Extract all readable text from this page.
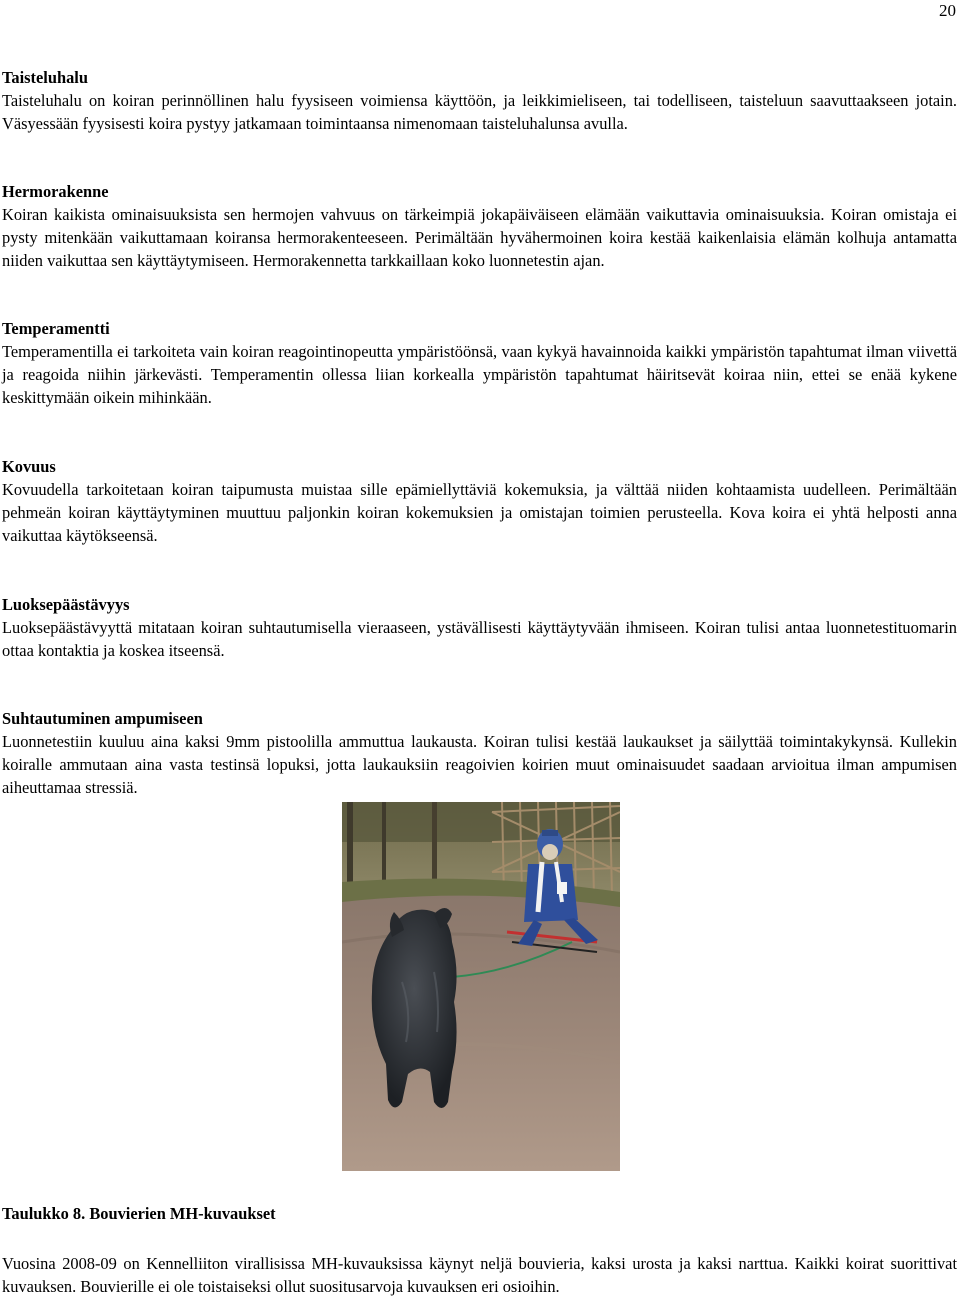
20
Taisteluhalu

Taisteluhalu on koiran perinnöllinen halu fyysiseen voimiensa käyttöön, ja leikkimieliseen, tai todelliseen, taisteluun saavuttaakseen jotain. Väsyessään fyysisesti koira pystyy jatkamaan toimintaansa nimenomaan taisteluhalunsa avulla.

Hermorakenne

Koiran kaikista ominaisuuksista sen hermojen vahvuus on tärkeimpiä jokapäiväiseen elämään vaikuttavia ominaisuuksia. Koiran omistaja ei pysty mitenkään vaikuttamaan koiransa hermorakenteeseen. Perimältään hyvähermoinen koira kestää kaikenlaisia elämän kolhuja antamatta niiden vaikuttaa sen käyttäytymiseen. Hermorakennetta tarkkaillaan koko luonnetestin ajan.

Temperamentti

Temperamentilla ei tarkoiteta vain koiran reagointinopeutta ympäristöönsä, vaan kykyä havainnoida kaikki ympäristön tapahtumat ilman viivettä ja reagoida niihin järkevästi. Temperamentin ollessa liian korkealla ympäristön tapahtumat häiritsevät koiraa niin, ettei se enää kykene keskittymään oikein mihinkään.

Kovuus

Kovuudella tarkoitetaan koiran taipumusta muistaa sille epämiellyttäviä kokemuksia, ja välttää niiden kohtaamista uudelleen. Perimältään pehmeän koiran käyttäytyminen muuttuu paljonkin koiran kokemuksien ja omistajan toimien perusteella. Kova koira ei yhtä helposti anna vaikuttaa käytökseensä.

Luoksepäästävyys

Luoksepäästävyyttä mitataan koiran suhtautumisella vieraaseen, ystävällisesti käyttäytyvään ihmiseen. Koiran tulisi antaa luonnetestituomarin ottaa kontaktia ja koskea itseensä.

Suhtautuminen ampumiseen

Luonnetestiin kuuluu aina kaksi 9mm pistoolilla ammuttua laukausta. Koiran tulisi kestää laukaukset ja säilyttää toimintakykynsä. Kullekin koiralle ammutaan aina vasta testinsä lopuksi, jotta laukauksiin reagoivien koirien muut ominaisuudet saadaan arvioitua ilman ampumisen aiheuttamaa stressiä.

Taulukko 8. Bouvierien MH-kuvaukset

Vuosina 2008-09 on Kennelliiton virallisissa MH-kuvauksissa käynyt neljä bouvieria, kaksi urosta ja kaksi narttua. Kaikki koirat suorittivat kuvauksen. Bouvierille ei ole toistaiseksi ollut suositusarvoja kuvauksen eri osioihin.
